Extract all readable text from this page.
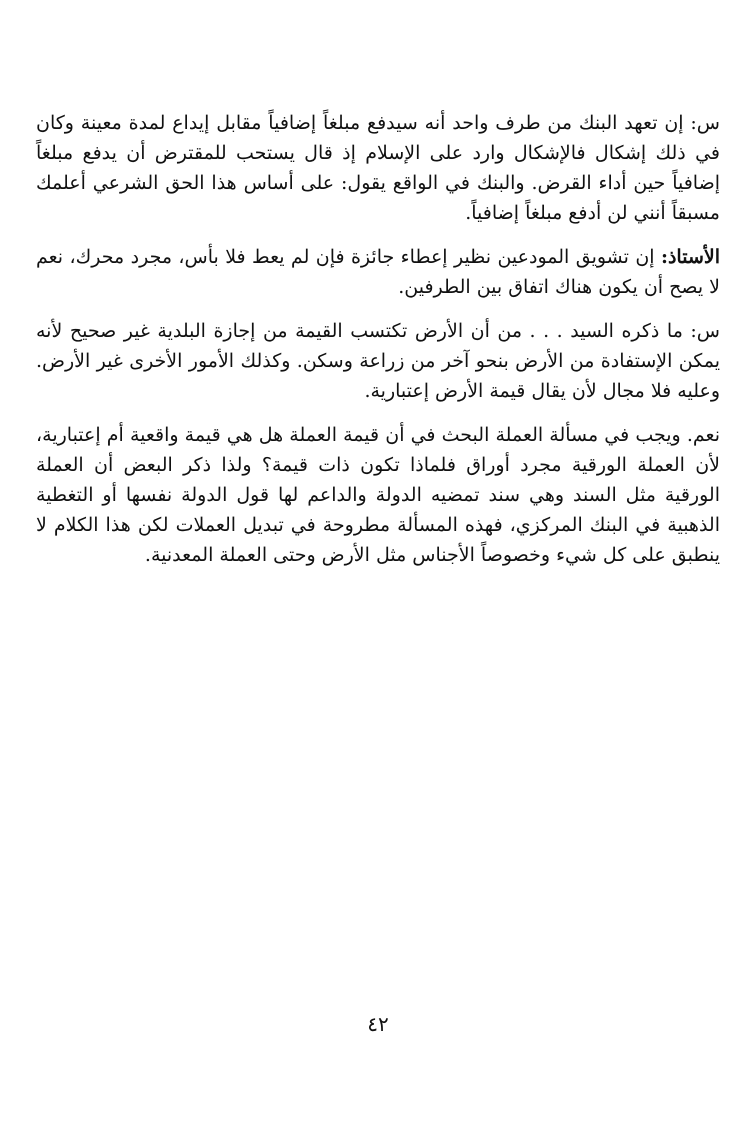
س: إن تعهد البنك من طرف واحد أنه سيدفع مبلغاً إضافياً مقابل إيداع لمدة معينة وكان في ذلك إشكال فالإشكال وارد على الإسلام إذ قال يستحب للمقترض أن يدفع مبلغاً إضافياً حين أداء القرض. والبنك في الواقع يقول: على أساس هذا الحق الشرعي أعلمك مسبقاً أنني لن أدفع مبلغاً إضافياً.

الأستاذ: إن تشويق المودعين نظير إعطاء جائزة فإن لم يعط فلا بأس، مجرد محرك، نعم لا يصح أن يكون هناك اتفاق بين الطرفين.

س: ما ذكره السيد . . . من أن الأرض تكتسب القيمة من إجازة البلدية غير صحيح لأنه يمكن الإستفادة من الأرض بنحو آخر من زراعة وسكن. وكذلك الأمور الأخرى غير الأرض. وعليه فلا مجال لأن يقال قيمة الأرض إعتبارية.

نعم. ويجب في مسألة العملة البحث في أن قيمة العملة هل هي قيمة واقعية أم إعتبارية، لأن العملة الورقية مجرد أوراق فلماذا تكون ذات قيمة؟ ولذا ذكر البعض أن العملة الورقية مثل السند وهي سند تمضيه الدولة والداعم لها قول الدولة نفسها أو التغطية الذهبية في البنك المركزي، فهذه المسألة مطروحة في تبديل العملات لكن هذا الكلام لا ينطبق على كل شيء وخصوصاً الأجناس مثل الأرض وحتى العملة المعدنية.

٤٢
